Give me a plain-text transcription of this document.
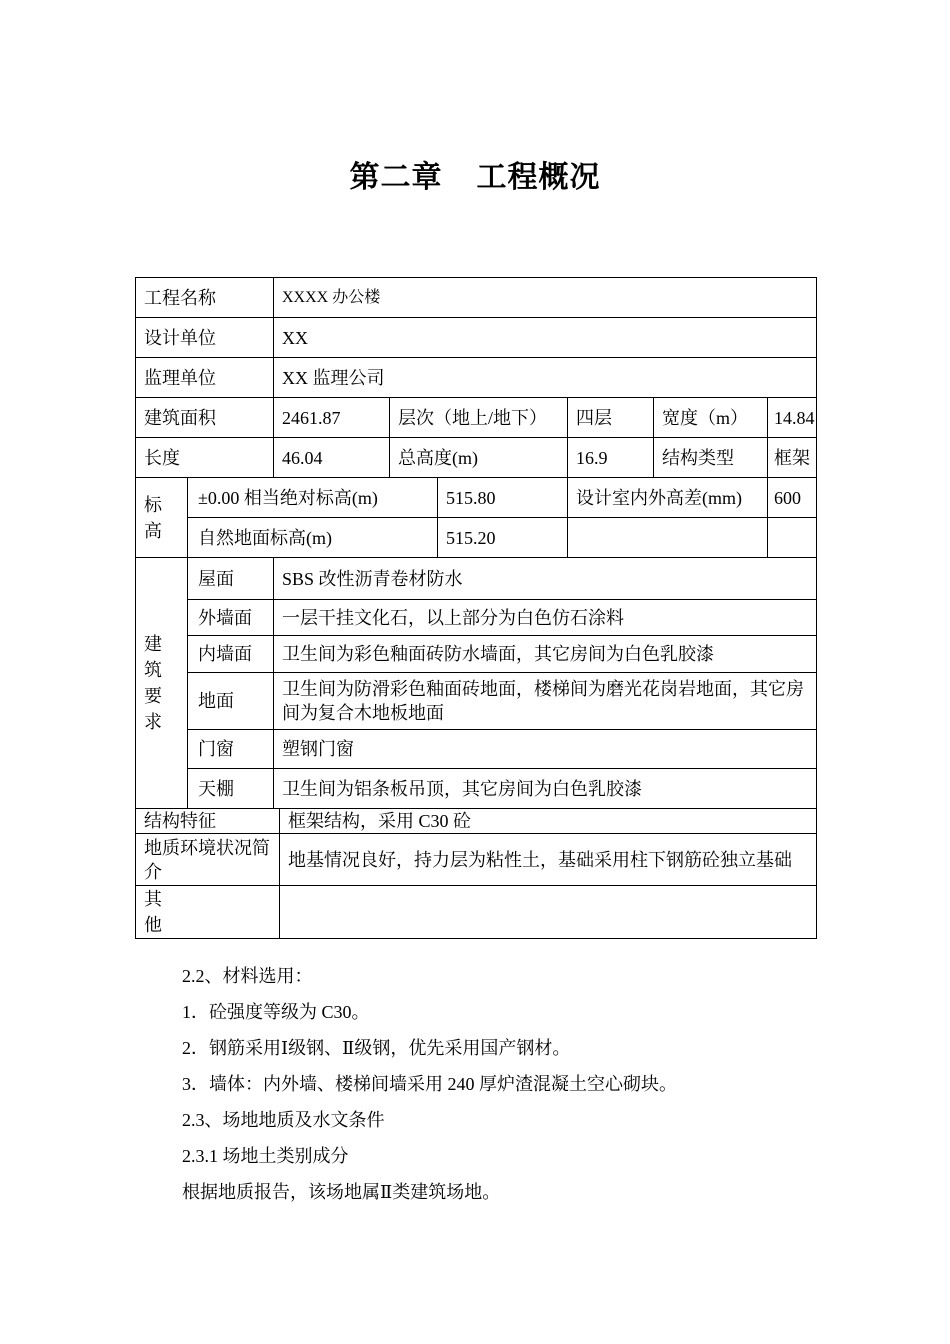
第二章 工程概况
工程名称		XXXX 办公楼						
设计单位		XX						
监理单位		XX 监理公司						
建筑面积		2461.87		层次（地上/地下）		四层	宽度（m）	14.84
长度		46.04		总高度(m)		16.9	结构类型	框架

标高	±0.00 相当绝对标高(m)				515.80	设计室内外高差(mm)		600
	自然地面标高(m)				515.20			

建筑要求	屋面	SBS 改性沥青卷材防水						
	外墙面	一层干挂文化石，以上部分为白色仿石涂料						
	内墙面	卫生间为彩色釉面砖防水墙面，其它房间为白色乳胶漆						
	地面	卫生间为防滑彩色釉面砖地面，楼梯间为磨光花岗岩地面，其它房间为复合木地板地面						
	门窗	塑钢门窗						
	天棚	卫生间为铝条板吊顶，其它房间为白色乳胶漆						
结构特征			框架结构，采用 C30 砼					
地质环境状况简介			地基情况良好，持力层为粘性土，基础采用柱下钢筋砼独立基础					

其他								

2.2、材料选用：

1．砼强度等级为 C30。

2．钢筋采用Ⅰ级钢、Ⅱ级钢，优先采用国产钢材。

3．墙体：内外墙、楼梯间墙采用 240 厚炉渣混凝土空心砌块。

2.3、场地地质及水文条件

2.3.1 场地土类别成分

根据地质报告，该场地属Ⅱ类建筑场地。
